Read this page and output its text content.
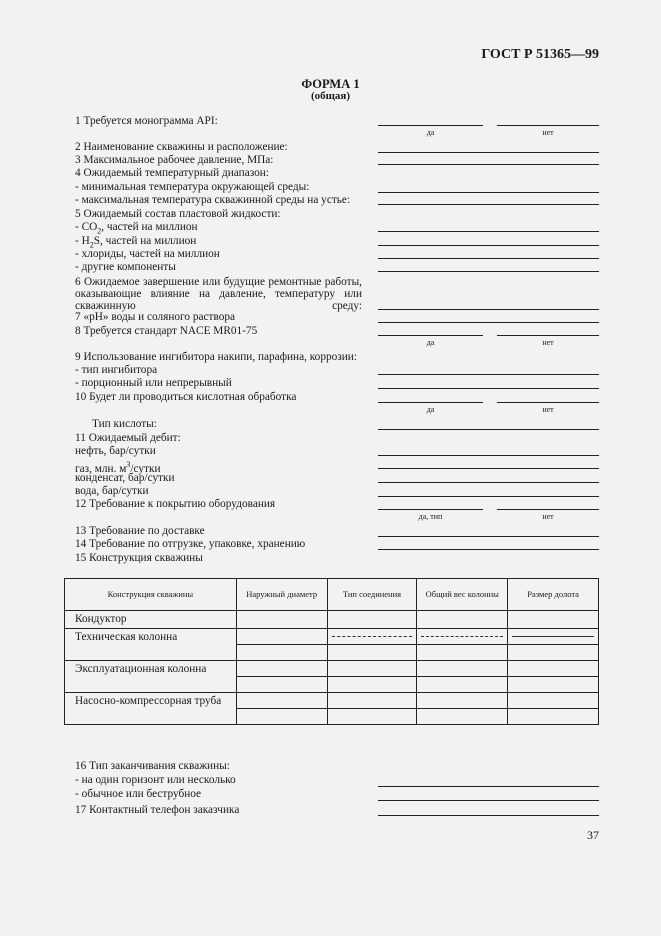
ГОСТ Р 51365—99
ФОРМА 1
(общая)
1 Требуется монограмма API:
да	нет
2 Наименование скважины и расположение:
3 Максимальное рабочее давление, МПа:
4 Ожидаемый температурный диапазон:
- минимальная температура окружающей среды:
- максимальная температура скважинной среды на устье:
5 Ожидаемый состав пластовой жидкости:
- $CO_2$, частей на миллион
- $H_2S$, частей на миллион
- хлориды, частей на миллион
- другие компоненты
6 Ожидаемое завершение или будущие ремонтные работы, оказывающие влияние на давление, температуру или скважинную среду:
7 «pH» воды и соляного раствора
8 Требуется стандарт NACE MR01-75
да	нет
9 Использование ингибитора накипи, парафина, коррозии:
- тип ингибитора
- порционный или непрерывный
10 Будет ли проводиться кислотная обработка
да	нет
Тип кислоты:
11 Ожидаемый дебит:
нефть, бар/сутки
газ, млн. $м^3$/сутки
конденсат, бар/сутки
вода, бар/сутки
12 Требование к покрытию оборудования
да, тип	нет
13 Требование по доставке
14 Требование по отгрузке, упаковке, хранению
15 Конструкция скважины
Конструкция скважины	Наружный диаметр	Тип соединения	Общий вес колонны	Размер долота
Кондуктор				

Техническая колонна		

Эксплуатационная колонна				

Насосно-компрессорная труба				

16 Тип заканчивания скважины:
- на один горизонт или несколько
- обычное или беструбное
17 Контактный телефон заказчика
37
